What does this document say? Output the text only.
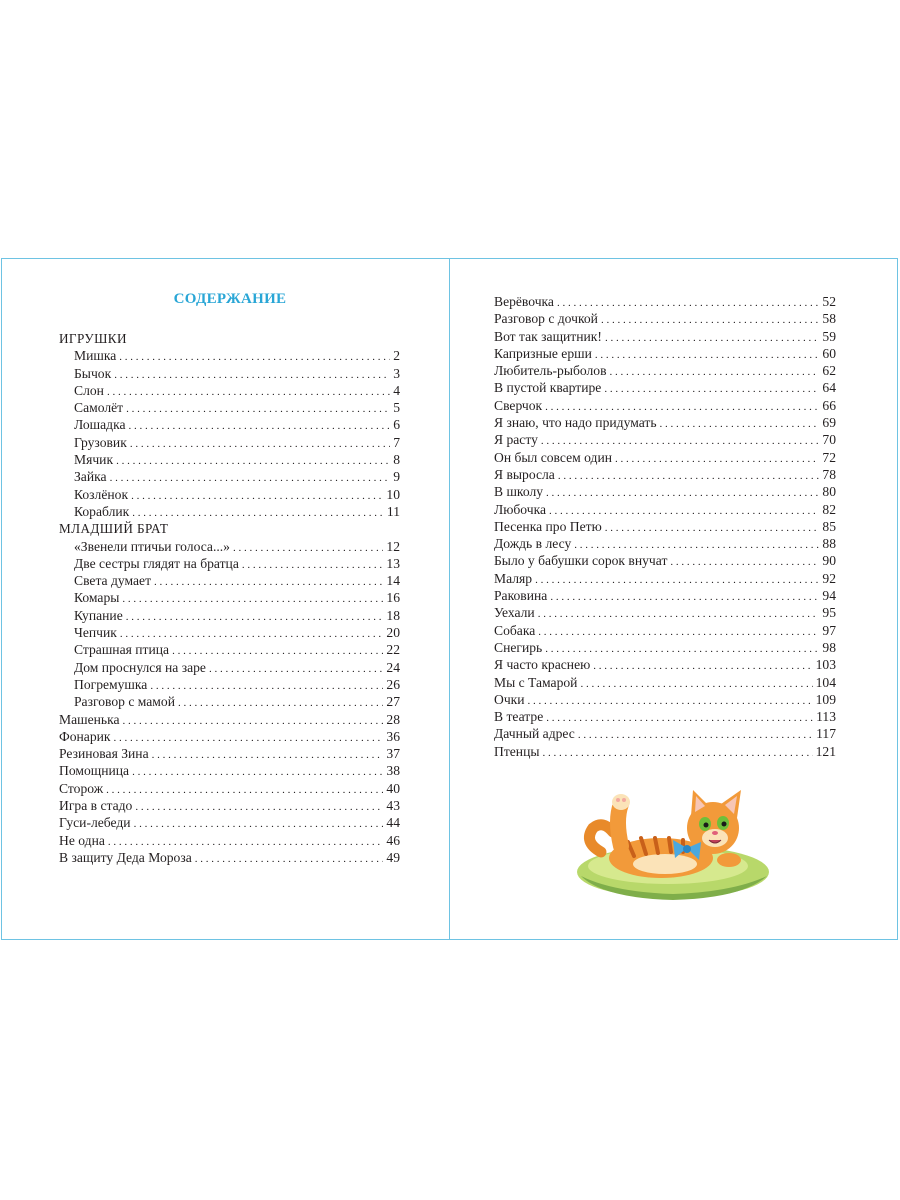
СОДЕРЖАНИЕ
ИГРУШКИ
Мишка . . .	2
Бычок . . .	3
Слон . . .	4
Самолёт . . .	5
Лошадка . . .	6
Грузовик . . .	7
Мячик . . .	8
Зайка . . .	9
Козлёнок . . .	10
Кораблик . . .	11
МЛАДШИЙ БРАТ
«Звенели птичьи голоса...» . . .	12
Две сестры глядят на братца . . .	13
Света думает . . .	14
Комары . . .	16
Купание . . .	18
Чепчик . . .	20
Страшная птица . . .	22
Дом проснулся на заре . . .	24
Погремушка . . .	26
Разговор с мамой . . .	27
Машенька . . .	28
Фонарик . . .	36
Резиновая Зина . . .	37
Помощница . . .	38
Сторож . . .	40
Игра в стадо . . .	43
Гуси-лебеди . . .	44
Не одна . . .	46
В защиту Деда Мороза . . .	49
Верёвочка . . .	52
Разговор с дочкой . . .	58
Вот так защитник! . . .	59
Капризные ерши . . .	60
Любитель-рыболов . . .	62
В пустой квартире . . .	64
Сверчок . . .	66
Я знаю, что надо придумать . . .	69
Я расту . . .	70
Он был совсем один . . .	72
Я выросла . . .	78
В школу . . .	80
Любочка . . .	82
Песенка про Петю . . .	85
Дождь в лесу . . .	88
Было у бабушки сорок внучат . . .	90
Маляр . . .	92
Раковина . . .	94
Уехали . . .	95
Собака . . .	97
Снегирь . . .	98
Я часто краснею . . .	103
Мы с Тамарой . . .	104
Очки . . .	109
В театре . . .	113
Дачный адрес . . .	117
Птенцы . . .	121
